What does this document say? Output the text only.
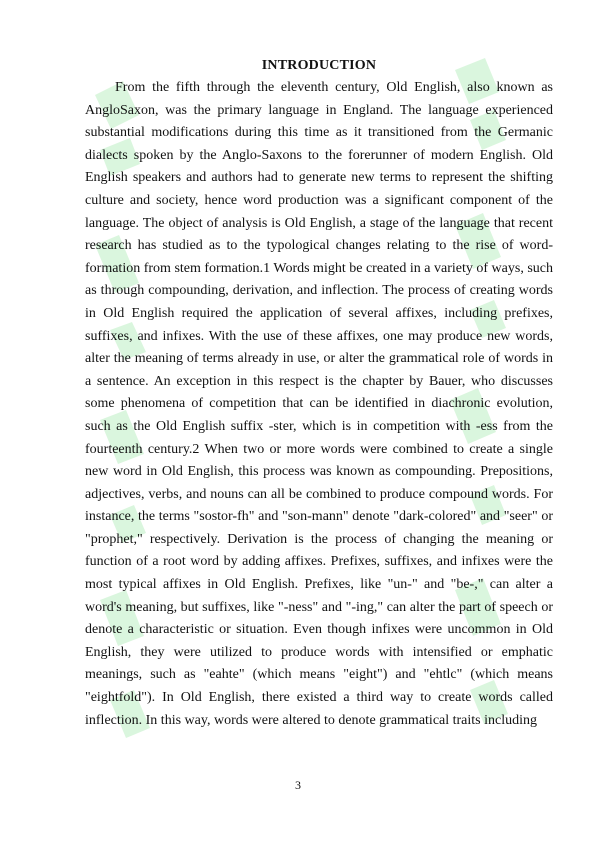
INTRODUCTION

From the fifth through the eleventh century, Old English, also known as AngloSaxon, was the primary language in England. The language experienced substantial modifications during this time as it transitioned from the Germanic dialects spoken by the Anglo-Saxons to the forerunner of modern English. Old English speakers and authors had to generate new terms to represent the shifting culture and society, hence word production was a significant component of the language. The object of analysis is Old English, a stage of the language that recent research has studied as to the typological changes relating to the rise of word-formation from stem formation.1 Words might be created in a variety of ways, such as through compounding, derivation, and inflection. The process of creating words in Old English required the application of several affixes, including prefixes, suffixes, and infixes. With the use of these affixes, one may produce new words, alter the meaning of terms already in use, or alter the grammatical role of words in a sentence. An exception in this respect is the chapter by Bauer, who discusses some phenomena of competition that can be identified in diachronic evolution, such as the Old English suffix -ster, which is in competition with -ess from the fourteenth century.2 When two or more words were combined to create a single new word in Old English, this process was known as compounding. Prepositions, adjectives, verbs, and nouns can all be combined to produce compound words. For instance, the terms "sostor-fh" and "son-mann" denote "dark-colored" and "seer" or "prophet," respectively. Derivation is the process of changing the meaning or function of a root word by adding affixes. Prefixes, suffixes, and infixes were the most typical affixes in Old English. Prefixes, like "un-" and "be-," can alter a word's meaning, but suffixes, like "-ness" and "-ing," can alter the part of speech or denote a characteristic or situation. Even though infixes were uncommon in Old English, they were utilized to produce words with intensified or emphatic meanings, such as "eahte" (which means "eight") and "ehtlc" (which means "eightfold"). In Old English, there existed a third way to create words called inflection. In this way, words were altered to denote grammatical traits including

3
